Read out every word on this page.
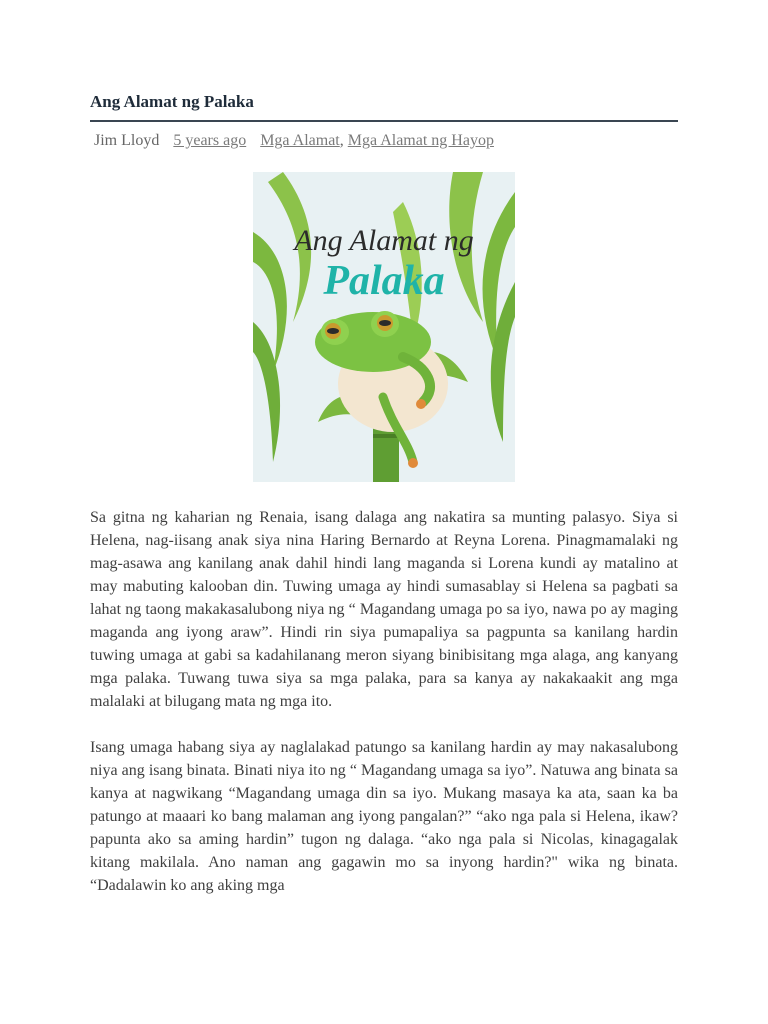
Ang Alamat ng Palaka
Jim Lloyd 5 years ago Mga Alamat, Mga Alamat ng Hayop
Ang Alamat ng
Palaka

Sa gitna ng kaharian ng Renaia, isang dalaga ang nakatira sa munting palasyo. Siya si Helena, nag-iisang anak siya nina Haring Bernardo at Reyna Lorena. Pinagmamalaki ng mag-asawa ang kanilang anak dahil hindi lang maganda si Lorena kundi ay matalino at may mabuting kalooban din. Tuwing umaga ay hindi sumasablay si Helena sa pagbati sa lahat ng taong makakasalubong niya ng “ Magandang umaga po sa iyo, nawa po ay maging maganda ang iyong araw”. Hindi rin siya pumapaliya sa pagpunta sa kanilang hardin tuwing umaga at gabi sa kadahilanang meron siyang binibisitang mga alaga, ang kanyang mga palaka. Tuwang tuwa siya sa mga palaka, para sa kanya ay nakakaakit ang mga malalaki at bilugang mata ng mga ito.

Isang umaga habang siya ay naglalakad patungo sa kanilang hardin ay may nakasalubong niya ang isang binata. Binati niya ito ng “ Magandang umaga sa iyo”. Natuwa ang binata sa kanya at nagwikang “Magandang umaga din sa iyo. Mukang masaya ka ata, saan ka ba patungo at maaari ko bang malaman ang iyong pangalan?” “ako nga pala si Helena, ikaw? papunta ako sa aming hardin” tugon ng dalaga. “ako nga pala si Nicolas, kinagagalak kitang makilala. Ano naman ang gagawin mo sa inyong hardin?" wika ng binata. “Dadalawin ko ang aking mga
